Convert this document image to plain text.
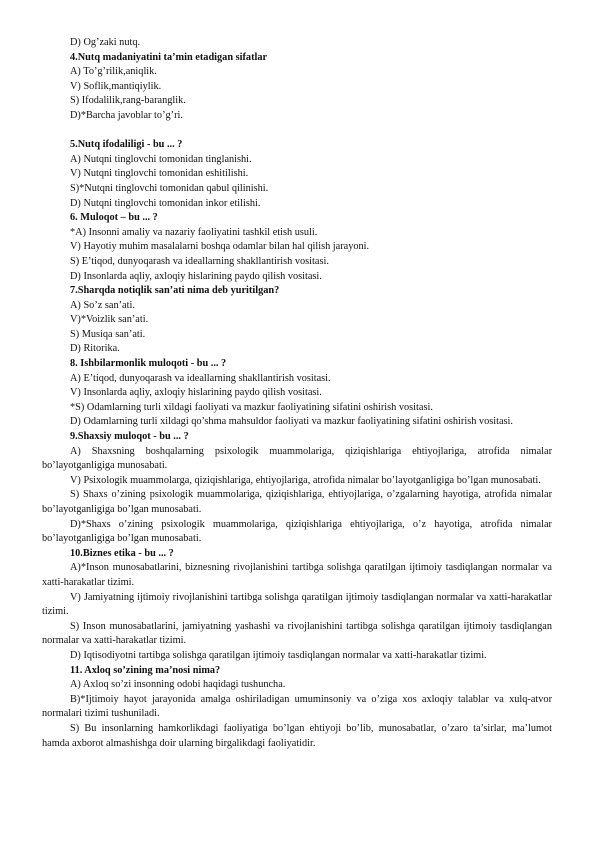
D) Og’zaki nutq.
4.Nutq madaniyatini ta’min etadigan sifatlar
A) To’g’rilik,aniqlik.
V) Soflik,mantiqiylik.
S) Ifodalilik,rang-baranglik.
D)*Barcha javoblar to’g’ri.
5.Nutq ifodaliligi - bu ... ?
A) Nutqni tinglovchi tomonidan tinglanishi.
V) Nutqni tinglovchi tomonidan eshitilishi.
S)*Nutqni tinglovchi tomonidan qabul qilinishi.
D) Nutqni tinglovchi tomonidan inkor etilishi.
6. Muloqot – bu ... ?
*A) Insonni amaliy va nazariy faoliyatini tashkil etish usuli.
V) Hayotiy muhim masalalarni boshqa odamlar bilan hal qilish jarayoni.
S) E’tiqod, dunyoqarash va ideallarning shakllantirish vositasi.
D) Insonlarda aqliy, axloqiy hislarining paydo qilish vositasi.
7.Sharqda notiqlik san’ati nima deb yuritilgan?
A) So’z san’ati.
V)*Voizlik san’ati.
S) Musiqa san’ati.
D) Ritorika.
8. Ishbilarmonlik muloqoti - bu ... ?
A) E’tiqod, dunyoqarash va ideallarning shakllantirish vositasi.
V) Insonlarda aqliy, axloqiy hislarining paydo qilish vositasi.
*S) Odamlarning turli xildagi faoliyati va mazkur faoliyatining sifatini oshirish vositasi.
D) Odamlarning turli xildagi qo’shma mahsuldor faoliyati va mazkur faoliyatining sifatini oshirish vositasi.
9.Shaxsiy muloqot - bu ... ?
A) Shaxsning boshqalarning psixologik muammolariga, qiziqishlariga ehtiyojlariga, atrofida nimalar bo’layotganligiga munosabati.
V) Psixologik muammolarga, qiziqishlariga, ehtiyojlariga, atrofida nimalar bo’layotganligiga bo’lgan munosabati.
S) Shaxs o’zining psixologik muammolariga, qiziqishlariga, ehtiyojlariga, o’zgalarning hayotiga, atrofida nimalar bo’layotganligiga bo’lgan munosabati.
D)*Shaxs o’zining psixologik muammolariga, qiziqishlariga ehtiyojlariga, o’z hayotiga, atrofida nimalar bo’layotganligiga bo’lgan munosabati.
10.Biznes etika - bu ... ?
A)*Inson munosabatlarini, biznesning rivojlanishini tartibga solishga qaratilgan ijtimoiy tasdiqlangan normalar va xatti-harakatlar tizimi.
V) Jamiyatning ijtimoiy rivojlanishini tartibga solishga qaratilgan ijtimoiy tasdiqlangan normalar va xatti-harakatlar tizimi.
S) Inson munosabatlarini, jamiyatning yashashi va rivojlanishini tartibga solishga qaratilgan ijtimoiy tasdiqlangan normalar va xatti-harakatlar tizimi.
D) Iqtisodiyotni tartibga solishga qaratilgan ijtimoiy tasdiqlangan normalar va xatti-harakatlar tizimi.
11. Axloq so’zining ma’nosi nima?
A) Axloq so’zi insonning odobi haqidagi tushuncha.
B)*Ijtimoiy hayot jarayonida amalga oshiriladigan umuminsoniy va o’ziga xos axloqiy talablar va xulq-atvor normalari tizimi tushuniladi.
S) Bu insonlarning hamkorlikdagi faoliyatiga bo’lgan ehtiyoji bo’lib, munosabatlar, o’zaro ta’sirlar, ma’lumot hamda axborot almashishga doir ularning birgalikdagi faoliyatidir.
